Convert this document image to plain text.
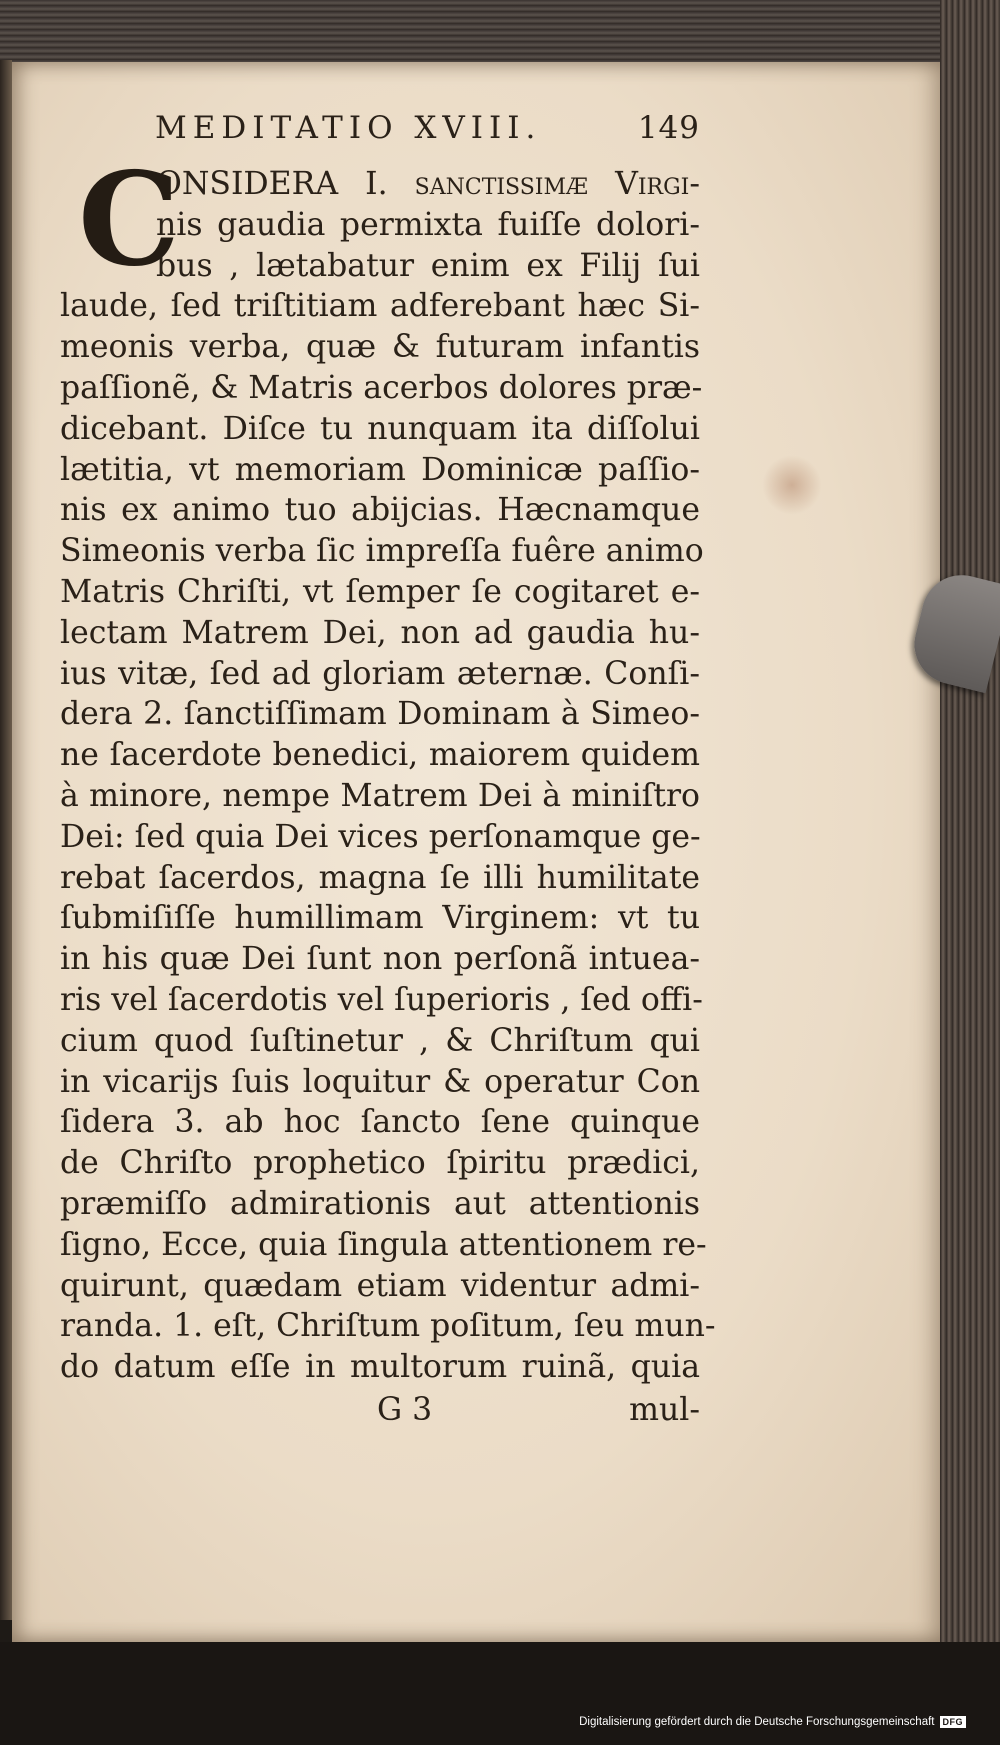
MEDITATIO XVIII.	149
C
ONSIDERA I. ſanctiſſimæ Virgi-
nis gaudia permixta fuiſſe dolori-
bus , lætabatur enim ex Filij ſui
laude, ſed triſtitiam adferebant hæc Si-
meonis verba, quæ & futuram infantis
paſſionẽ, & Matris acerbos dolores præ-
dicebant. Diſce tu nunquam ita diſſolui
lætitia, vt memoriam Dominicæ paſſio-
nis ex animo tuo abijcias. Hæcnamque
Simeonis verba ſic impreſſa fuêre animo
Matris Chriſti, vt ſemper ſe cogitaret e-
lectam Matrem Dei, non ad gaudia hu-
ius vitæ, ſed ad gloriam æternæ. Conſi-
dera 2. ſanctiſſimam Dominam à Simeo-
ne ſacerdote benedici, maiorem quidem
à minore, nempe Matrem Dei à miniſtro
Dei: ſed quia Dei vices perſonamque ge-
rebat ſacerdos, magna ſe illi humilitate
ſubmiſiſſe humillimam Virginem: vt tu
in his quæ Dei ſunt non perſonã intuea-
ris vel ſacerdotis vel ſuperioris , ſed offi-
cium quod ſuſtinetur , & Chriſtum qui
in vicarijs ſuis loquitur & operatur Con
ſidera 3. ab hoc ſancto ſene quinque
de Chriſto prophetico ſpiritu prædici,
præmiſſo admirationis aut attentionis
ſigno, Ecce, quia ſingula attentionem re-
quirunt, quædam etiam videntur admi-
randa. 1. eſt, Chriſtum poſitum, ſeu mun-
do datum eſſe in multorum ruinã, quia
G 3	mul-
Digitalisierung gefördert durch die Deutsche Forschungsgemeinschaft DFG
